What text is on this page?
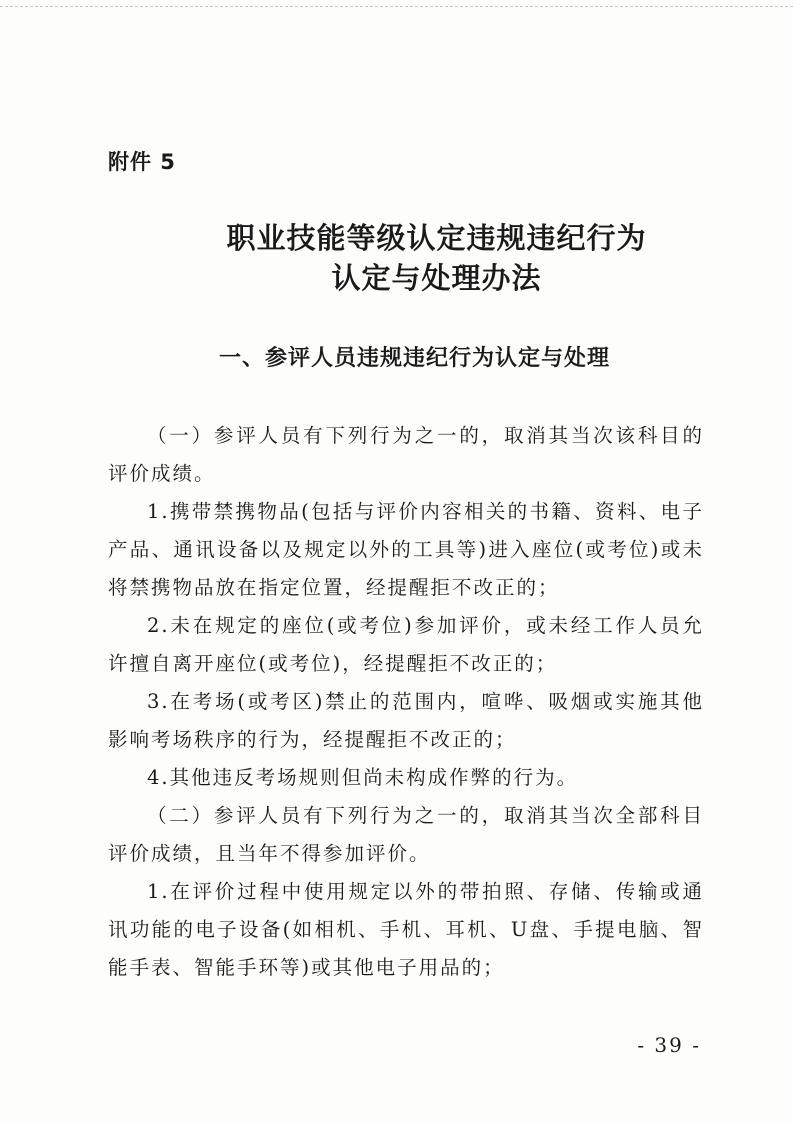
附件 5
职业技能等级认定违规违纪行为
认定与处理办法
一、参评人员违规违纪行为认定与处理

（一）参评人员有下列行为之一的，取消其当次该科目的评价成绩。

1.携带禁携物品(包括与评价内容相关的书籍、资料、电子产品、通讯设备以及规定以外的工具等)进入座位(或考位)或未将禁携物品放在指定位置，经提醒拒不改正的；

2.未在规定的座位(或考位)参加评价，或未经工作人员允许擅自离开座位(或考位)，经提醒拒不改正的；

3.在考场(或考区)禁止的范围内，喧哗、吸烟或实施其他影响考场秩序的行为，经提醒拒不改正的；

4.其他违反考场规则但尚未构成作弊的行为。

（二）参评人员有下列行为之一的，取消其当次全部科目评价成绩，且当年不得参加评价。

1.在评价过程中使用规定以外的带拍照、存储、传输或通讯功能的电子设备(如相机、手机、耳机、U盘、手提电脑、智能手表、智能手环等)或其他电子用品的；

- 39 -
